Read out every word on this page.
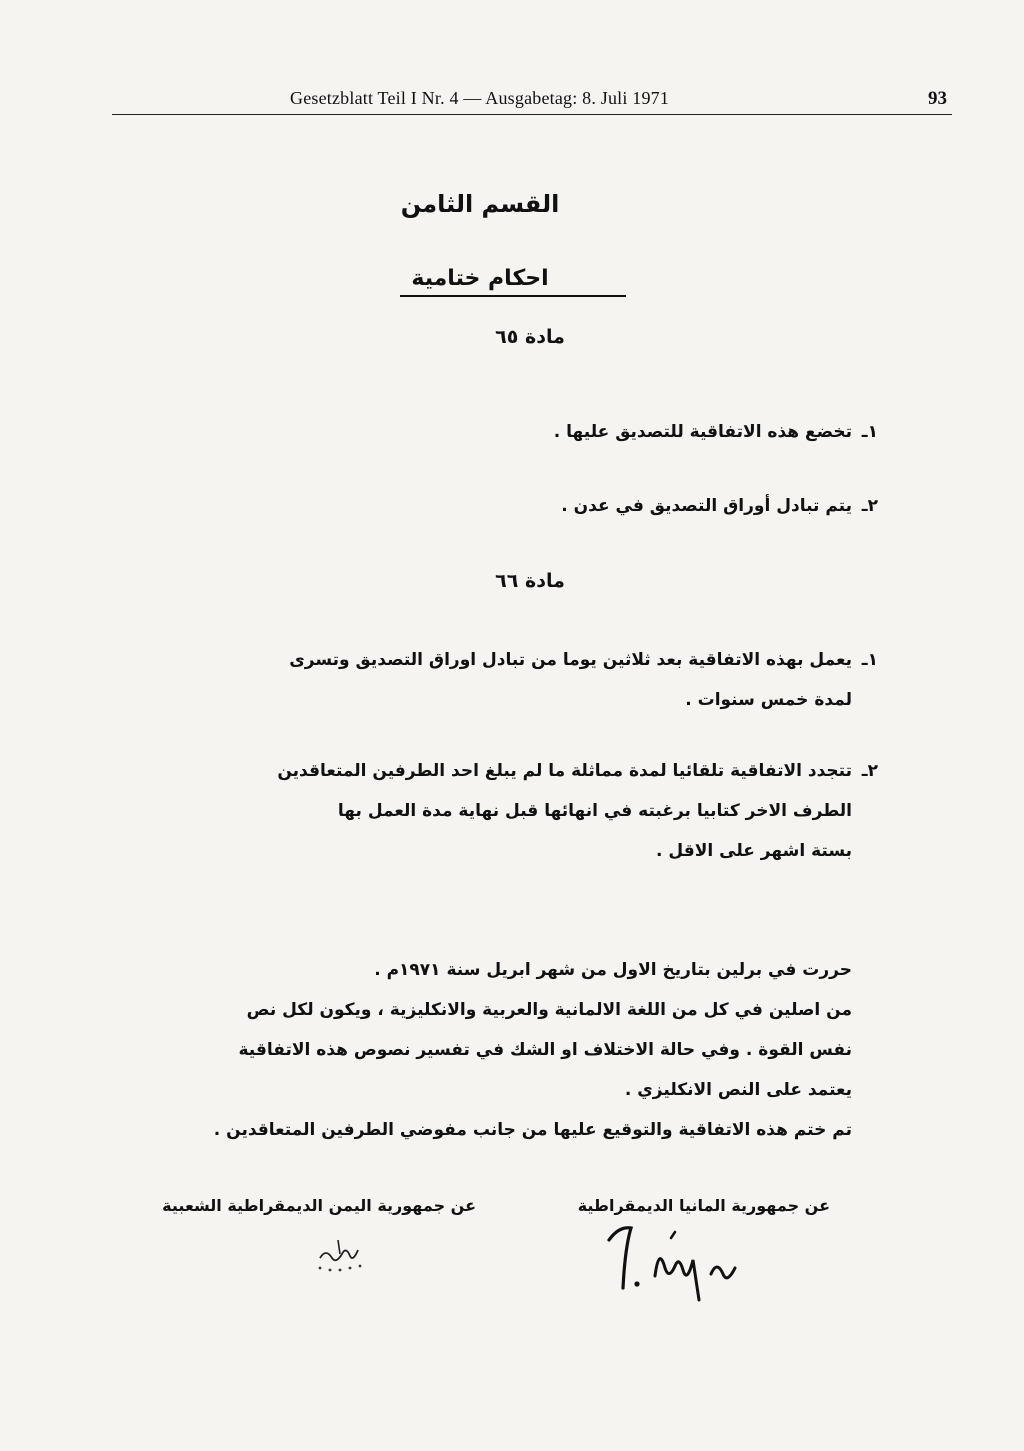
Gesetzblatt Teil I Nr. 4 — Ausgabetag: 8. Juli 1971	93
القسم الثامن
احكام ختامية
مادة ٦٥
١ـ
تخضع هذه الاتفاقية للتصديق عليها .
٢ـ
يتم تبادل أوراق التصديق في عدن .
مادة ٦٦
١ـ
يعمل بهذه الاتفاقية بعد ثلاثين يوما من تبادل اوراق التصديق وتسرى
لمدة خمس سنوات .
٢ـ
تتجدد الاتفاقية تلقائيا لمدة مماثلة ما لم يبلغ احد الطرفين المتعاقدين
الطرف الاخر كتابيا برغبته في انهائها قبل نهاية مدة العمل بها
بستة اشهر على الاقل .
حررت في برلين بتاريخ الاول من شهر ابريل سنة ١٩٧١م .
من اصلين في كل من اللغة الالمانية والعربية والانكليزية ، ويكون لكل نص
نفس القوة . وفي حالة الاختلاف او الشك في تفسير نصوص هذه الاتفاقية
يعتمد على النص الانكليزي .
تم ختم هذه الاتفاقية والتوقيع عليها من جانب مفوضي الطرفين المتعاقدين .
عن جمهورية اليمن الديمقراطية الشعبية	عن جمهورية المانيا الديمقراطية
